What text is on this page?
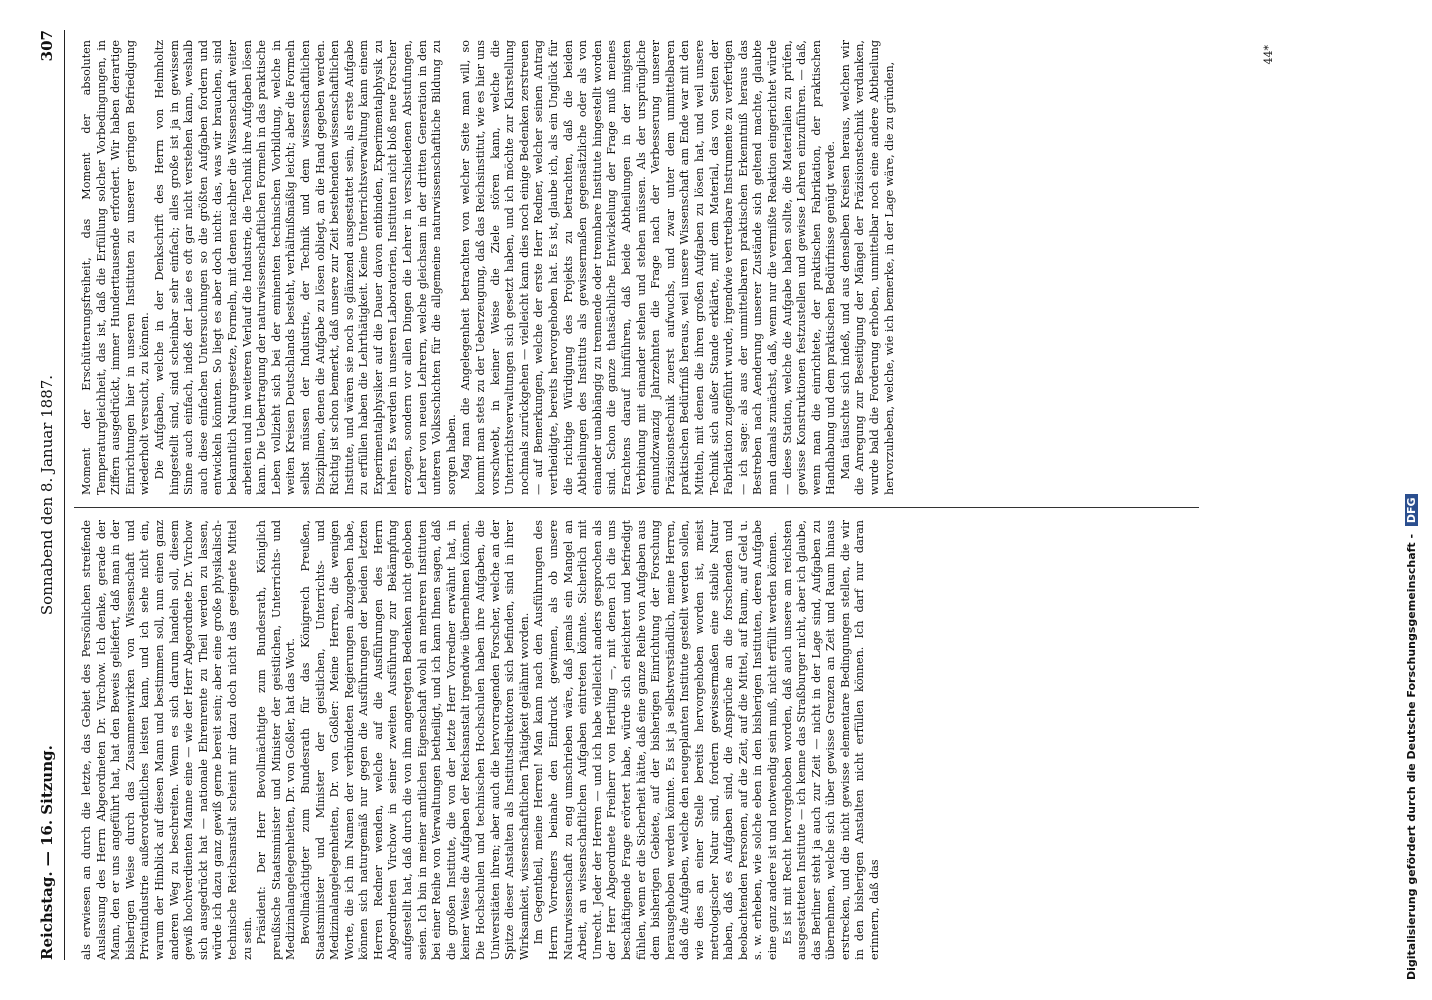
Reichstag. — 16. Sitzung.
Sonnabend den 8. Januar 1887.
307

als erwiesen an durch die letzte, das Gebiet des Persönlichen streifende Auslassung des Herrn Abgeordneten Dr. Virchow. Ich denke, gerade der Mann, den er uns angeführt hat, hat den Beweis geliefert, daß man in der bisherigen Weise durch das Zusammenwirken von Wissenschaft und Privatindustrie außerordentliches leisten kann, und ich sehe nicht ein, warum der Hinblick auf diesen Mann und bestimmen soll, nun einen ganz anderen Weg zu beschreiten. Wenn es sich darum handeln soll, diesem gewiß hochverdienten Manne eine — wie der Herr Abgeordnete Dr. Virchow sich ausgedrückt hat — nationale Ehrenrente zu Theil werden zu lassen, würde ich dazu ganz gewiß gerne bereit sein; aber eine große physikalisch-technische Reichsanstalt scheint mir dazu doch nicht das geeignete Mittel zu sein. Präsident: Der Herr Bevollmächtigte zum Bundesrath, Königlich preußische Staatsminister und Minister der geistlichen, Unterrichts- und Medizinalangelegenheiten, Dr. von Goßler, hat das Wort. Bevollmächtigter zum Bundesrath für das Königreich Preußen, Staatsminister und Minister der geistlichen, Unterrichts- und Medizinalangelegenheiten, Dr. von Goßler: Meine Herren, die wenigen Worte, die ich im Namen der verbündeten Regierungen abzugeben habe, können sich naturgemäß nur gegen die Ausführungen der beiden letzten Herren Redner wenden, welche auf die Ausführungen des Herrn Abgeordneten Virchow in seiner zweiten Ausführung zur Bekämpfung aufgestellt hat, daß durch die von ihm angeregten Bedenken nicht gehoben seien. Ich bin in meiner amtlichen Eigenschaft wohl an mehreren Instituten bei einer Reihe von Verwaltungen betheiligt, und ich kann Ihnen sagen, daß die großen Institute, die von der letzte Herr Vorredner erwähnt hat, in keiner Weise die Aufgaben der Reichsanstalt irgendwie übernehmen können. Die Hochschulen und technischen Hochschulen haben ihre Aufgaben, die Universitäten ihren; aber auch die hervorragenden Forscher, welche an der Spitze dieser Anstalten als Institutsdirektoren sich befinden, sind in ihrer Wirksamkeit, wissenschaftlichen Thätigkeit gelähmt worden. Im Gegentheil, meine Herren! Man kann nach den Ausführungen des Herrn Vorredners beinahe den Eindruck gewinnen, als ob unsere Naturwissenschaft zu eng umschrieben wäre, daß jemals ein Mangel an Arbeit, an wissenschaftlichen Aufgaben eintreten könnte. Sicherlich mit Unrecht. Jeder der Herren — und ich habe vielleicht anders gesprochen als der Herr Abgeordnete Freiherr von Hertling —, mit denen ich die uns beschäftigende Frage erörtert habe, würde sich erleichtert und befriedigt fühlen, wenn er die Sicherheit hätte, daß eine ganze Reihe von Aufgaben aus dem bisherigen Gebiete, auf der bisherigen Einrichtung der Forschung herausgehoben werden könnte. Es ist ja selbstverständlich, meine Herren, daß die Aufgaben, welche den neugeplanten Institute gestellt werden sollen, wie dies an einer Stelle bereits hervorgehoben worden ist, meist metrologischer Natur sind, fordern gewissermaßen eine stabile Natur haben, daß es Aufgaben sind, die Ansprüche an die forschenden und beobachtenden Personen, auf die Zeit, auf die Mittel, auf Raum, auf Geld u. s. w. erheben, wie solche eben in den bisherigen Instituten, deren Aufgabe eine ganz andere ist und notwendig sein muß, nicht erfüllt werden können. Es ist mit Recht hervorgehoben worden, daß auch unsere am reichsten ausgestatteten Institute — ich kenne das Straßburger nicht, aber ich glaube, das Berliner steht ja auch zur Zeit — nicht in der Lage sind, Aufgaben zu übernehmen, welche sich über gewisse Grenzen an Zeit und Raum hinaus erstrecken, und die nicht gewisse elementare Bedingungen stellen, die wir in den bisherigen Anstalten nicht erfüllen können. Ich darf nur daran erinnern, daß das

Moment der Erschütterungsfreiheit, das Moment der absoluten Temperaturgleichheit, das ist, daß die Erfüllung solcher Vorbedingungen, in Ziffern ausgedrückt, immer Hunderttausende erfordert. Wir haben derartige Einrichtungen hier in unseren Instituten zu unserer geringen Befriedigung wiederholt versucht, zu können. Die Aufgaben, welche in der Denkschrift des Herrn von Helmholtz hingestellt sind, sind scheinbar sehr einfach; alles große ist ja in gewissem Sinne auch einfach, indeß der Laie es oft gar nicht verstehen kann, weshalb auch diese einfachen Untersuchungen so die größten Aufgaben fordern und entwickeln könnten. So liegt es aber doch nicht: das, was wir brauchen, sind bekanntlich Naturgesetze, Formeln, mit denen nachher die Wissenschaft weiter arbeiten und im weiteren Verlauf die Industrie, die Technik ihre Aufgaben lösen kann. Die Uebertragung der naturwissenschaftlichen Formeln in das praktische Leben vollzieht sich bei der eminenten technischen Vorbildung, welche in weiten Kreisen Deutschlands besteht, verhältnißmäßig leicht; aber die Formeln selbst müssen der Industrie, der Technik und dem wissenschaftlichen Disziplinen, denen die Aufgabe zu lösen obliegt, an die Hand gegeben werden. Richtig ist schon bemerkt, daß unsere zur Zeit bestehenden wissenschaftlichen Institute, und wären sie noch so glänzend ausgestattet sein, als erste Aufgabe zu erfüllen haben die Lehrthätigkeit. Keine Unterrichtsverwaltung kann einem Experimentalphysiker auf die Dauer davon entbinden, Experimentalphysik zu lehren. Es werden in unseren Laboratorien, Instituten nicht bloß neue Forscher erzogen, sondern vor allen Dingen die Lehrer in verschiedenen Abstufungen, Lehrer von neuen Lehrern, welche gleichsam in der dritten Generation in den unteren Volksschichten für die allgemeine naturwissenschaftliche Bildung zu sorgen haben. Mag man die Angelegenheit betrachten von welcher Seite man will, so kommt man stets zu der Ueberzeugung, daß das Reichsinstitut, wie es hier uns vorschwebt, in keiner Weise die Ziele stören kann, welche die Unterrichtsverwaltungen sich gesetzt haben, und ich möchte zur Klarstellung nochmals zurückgehen — vielleicht kann dies noch einige Bedenken zerstreuen — auf Bemerkungen, welche der erste Herr Redner, welcher seinen Antrag vertheidigte, bereits hervorgehoben hat. Es ist, glaube ich, als ein Unglück für die richtige Würdigung des Projekts zu betrachten, daß die beiden Abtheilungen des Instituts als gewissermaßen gegensätzliche oder als von einander unabhängig zu trennende oder trennbare Institute hingestellt worden sind. Schon die ganze thatsächliche Entwickelung der Frage muß meines Erachtens darauf hinführen, daß beide Abtheilungen in der innigsten Verbindung mit einander stehen und stehen müssen. Als der ursprüngliche einundzwanzig Jahrzehnten die Frage nach der Verbesserung unserer Präzisionstechnik zuerst aufwuchs, und zwar unter dem unmittelbaren praktischen Bedürfniß heraus, weil unsere Wissenschaft am Ende war mit den Mitteln, mit denen die ihren großen Aufgaben zu lösen hat, und weil unsere Technik sich außer Stande erklärte, mit dem Material, das von Seiten der Fabrikation zugeführt wurde, irgendwie vertretbare Instrumente zu verfertigen — ich sage: als aus der unmittelbaren praktischen Erkenntniß heraus das Bestreben nach Aenderung unserer Zustände sich geltend machte, glaubte man damals zunächst, daß, wenn nur die vermißte Reaktion eingerichtet würde — diese Station, welche die Aufgabe haben sollte, die Materialien zu prüfen, gewisse Konstruktionen festzustellen und gewisse Lehren einzuführen. — daß, wenn man die einrichtete, der praktischen Fabrikation, der praktischen Handhabung und dem praktischen Bedürfnisse genügt werde. Man täuschte sich indeß, und aus denselben Kreisen heraus, welchen wir die Anregung zur Beseitigung der Mängel der Präzisionstechnik verdanken, wurde bald die Forderung erhoben, unmittelbar noch eine andere Abtheilung hervorzuheben, welche, wie ich bemerke, in der Lage wäre, die zu gründen,

44*
Digitalisierung gefördert durch die Deutsche Forschungsgemeinschaft - DFG
